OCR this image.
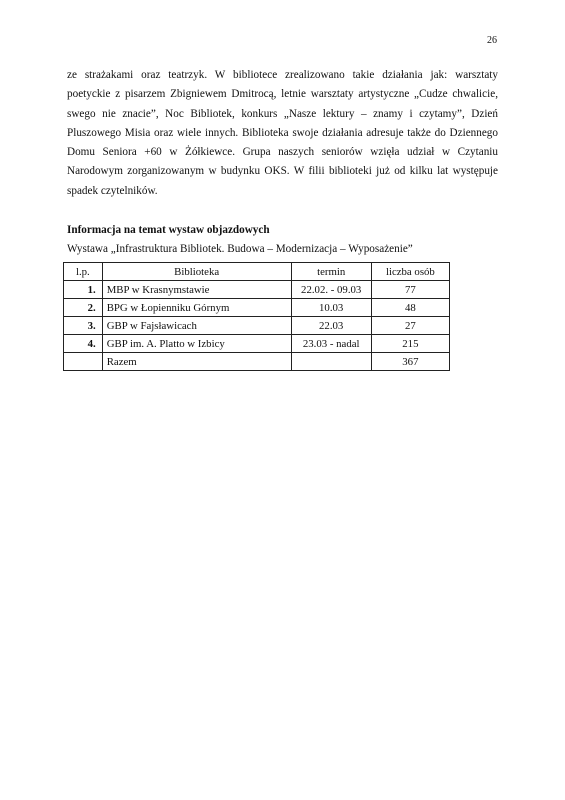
26
ze strażakami oraz teatrzyk. W bibliotece zrealizowano takie działania jak: warsztaty
poetyckie z pisarzem Zbigniewem Dmitrocą, letnie warsztaty artystyczne „Cudze chwalicie,
swego nie znacie”, Noc Bibliotek, konkurs „Nasze lektury – znamy i czytamy”, Dzień
Pluszowego Misia oraz wiele innych. Biblioteka swoje działania adresuje także do Dziennego
Domu Seniora +60 w Żółkiewce. Grupa naszych seniorów wzięła udział w Czytaniu
Narodowym zorganizowanym w budynku OKS. W filii biblioteki już od kilku lat występuje
spadek czytelników.
Informacja na temat wystaw objazdowych
Wystawa „Infrastruktura Bibliotek. Budowa – Modernizacja – Wyposażenie”
l.p.	Biblioteka	termin	liczba osób
1.	MBP w Krasnymstawie	22.02. - 09.03	77
2.	BPG w Łopienniku Górnym	10.03	48
3.	GBP w Fajsławicach	22.03	27
4.	GBP im. A. Platto w Izbicy	23.03 - nadal	215
	Razem		367
